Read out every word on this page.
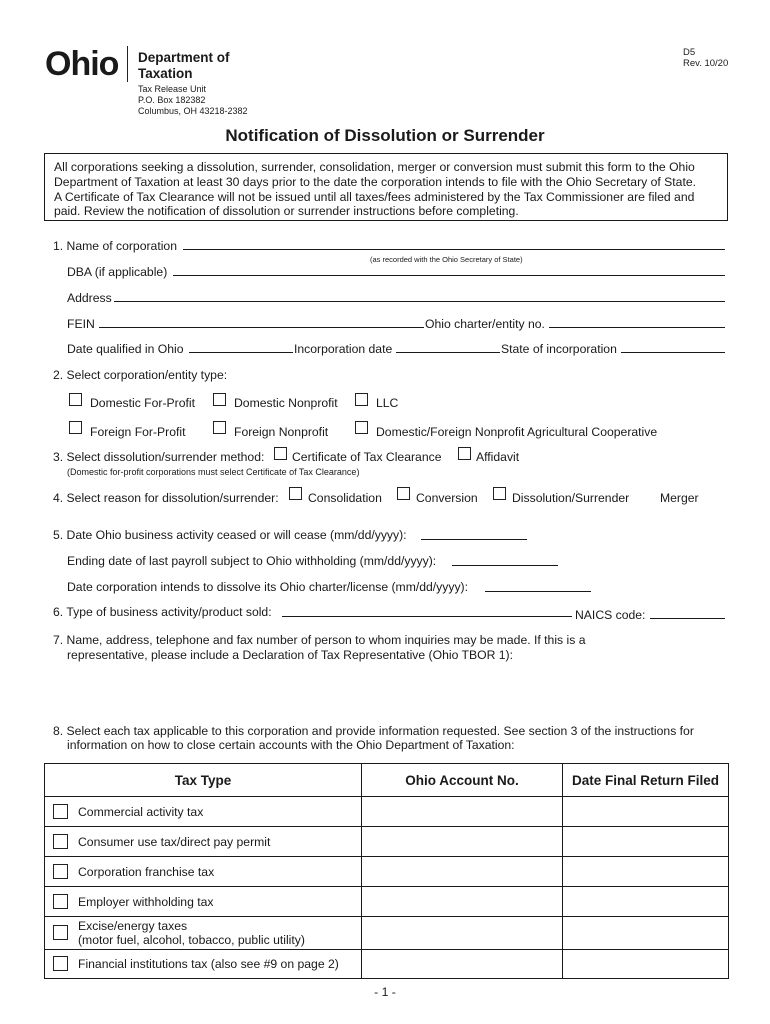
Ohio Department of
Taxation
D5
Rev. 10/20
Tax Release Unit
P.O. Box 182382
Columbus, OH 43218-2382
Notification of Dissolution or Surrender
All corporations seeking a dissolution, surrender, consolidation, merger or conversion must submit this form to the Ohio
Department of Taxation at least 30 days prior to the date the corporation intends to file with the Ohio Secretary of State.
A Certificate of Tax Clearance will not be issued until all taxes/fees administered by the Tax Commissioner are filed and
paid. Review the notification of dissolution or surrender instructions before completing.
1. Name of corporation
(as recorded with the Ohio Secretary of State)
DBA (if applicable)
Address
FEIN	Ohio charter/entity no.
Date qualified in Ohio	Incorporation date	State of incorporation
2. Select corporation/entity type:
Domestic For-Profit	Domestic Nonprofit	LLC
Foreign For-Profit	Foreign Nonprofit	Domestic/Foreign Nonprofit Agricultural Cooperative
3. Select dissolution/surrender method: Certificate of Tax Clearance	Affidavit
(Domestic for-profit corporations must select Certificate of Tax Clearance)
4. Select reason for dissolution/surrender: Consolidation	Conversion	Dissolution/Surrender	Merger
5. Date Ohio business activity ceased or will cease (mm/dd/yyyy):
Ending date of last payroll subject to Ohio withholding (mm/dd/yyyy):
Date corporation intends to dissolve its Ohio charter/license (mm/dd/yyyy):
6. Type of business activity/product sold:	NAICS code:
7. Name, address, telephone and fax number of person to whom inquiries may be made. If this is a
representative, please include a Declaration of Tax Representative (Ohio TBOR 1):
8. Select each tax applicable to this corporation and provide information requested. See section 3 of the instructions for
information on how to close certain accounts with the Ohio Department of Taxation:
Tax Type	Ohio Account No.	Date Final Return Filed

Commercial activity tax		

Consumer use tax/direct pay permit		

Corporation franchise tax		

Employer withholding tax		

Excise/energy taxes
(motor fuel, alcohol, tobacco, public utility)		

Financial institutions tax (also see #9 on page 2)		
- 1 -
